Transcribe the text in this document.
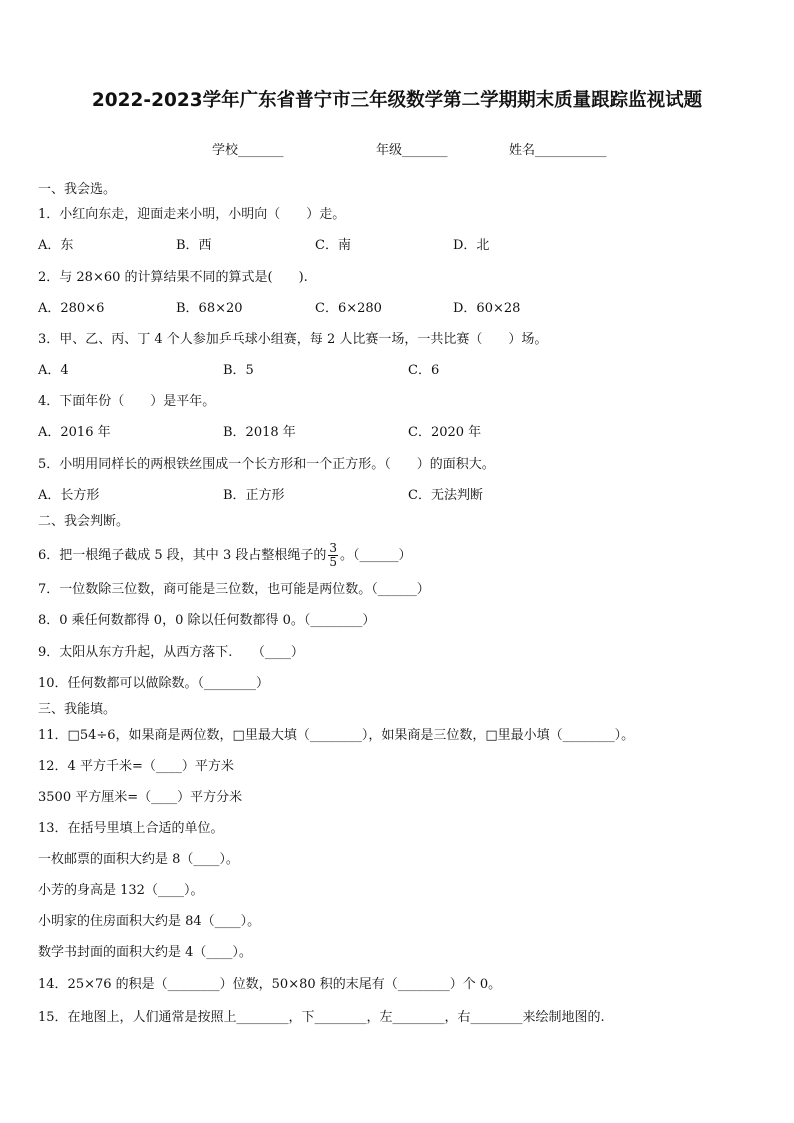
2022-2023学年广东省普宁市三年级数学第二学期期末质量跟踪监视试题
学校_______	年级_______	姓名___________
一、我会选。
1．小红向东走，迎面走来小明，小明向（　　）走。
A．东	B．西	C．南	D．北
2．与 28×60 的计算结果不同的算式是(　　).
A．280×6	B．68×20	C．6×280	D．60×28
3．甲、乙、丙、丁 4 个人参加乒乓球小组赛，每 2 人比赛一场，一共比赛（　　）场。
A．4	B．5	C．6
4．下面年份（　　）是平年。
A．2016 年	B．2018 年	C．2020 年
5．小明用同样长的两根铁丝围成一个长方形和一个正方形。（　　）的面积大。
A．长方形	B．正方形	C．无法判断
二、我会判断。
6．把一根绳子截成 5 段，其中 3 段占整根绳子的 $\frac{3}{5}$ 。（______）
7．一位数除三位数，商可能是三位数，也可能是两位数。（______）
8．0 乘任何数都得 0，0 除以任何数都得 0。（________）
9．太阳从东方升起，从西方落下.　　（____）
10．任何数都可以做除数。（________）
三、我能填。
11．□54÷6，如果商是两位数，□里最大填（________），如果商是三位数，□里最小填（________）。
12．4 平方千米=（____）平方米
3500 平方厘米=（____）平方分米
13．在括号里填上合适的单位。
一枚邮票的面积大约是 8（____）。
小芳的身高是 132（____）。
小明家的住房面积大约是 84（____）。
数学书封面的面积大约是 4（____）。
14．25×76 的积是（________）位数，50×80 积的末尾有（________）个 0。
15．在地图上，人们通常是按照上________，下________，左________，右________来绘制地图的.
